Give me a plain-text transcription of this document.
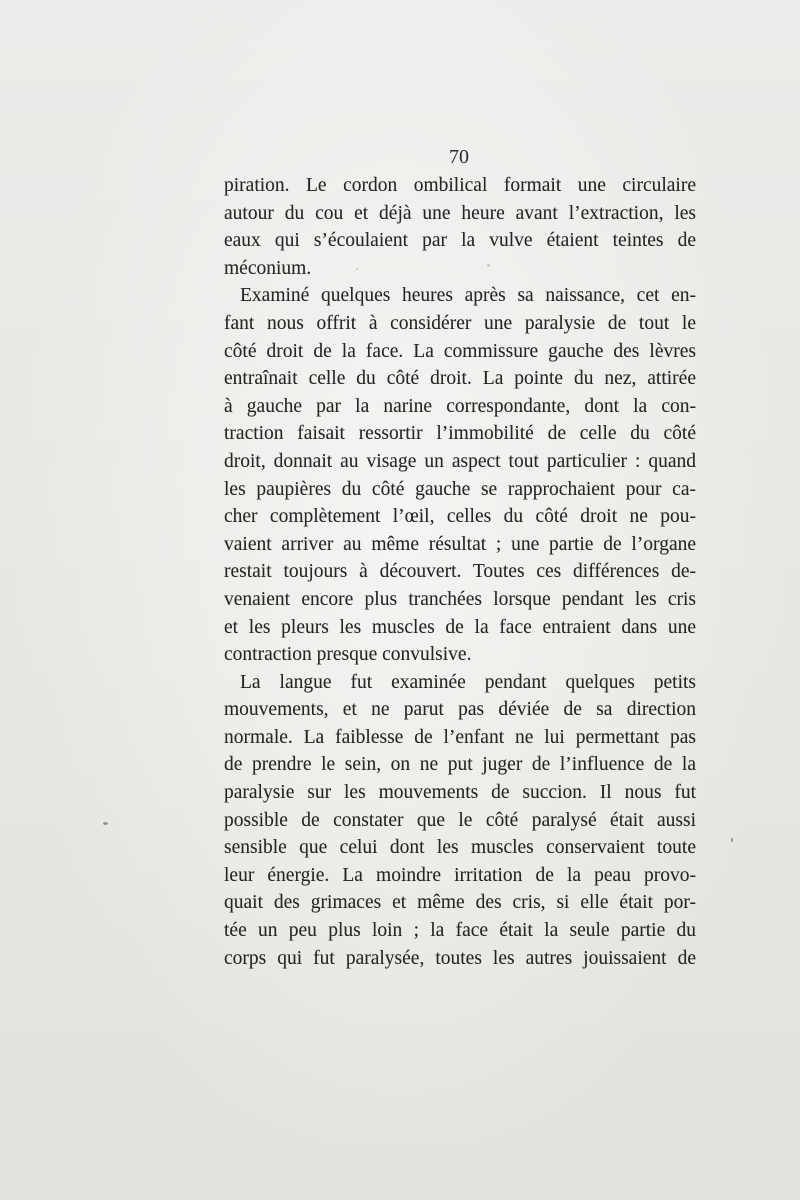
70
piration. Le cordon ombilical formait une circulaire
autour du cou et déjà une heure avant l’extraction, les
eaux qui s’écoulaient par la vulve étaient teintes de
méconium.
Examiné quelques heures après sa naissance, cet en-
fant nous offrit à considérer une paralysie de tout le
côté droit de la face. La commissure gauche des lèvres
entraînait celle du côté droit. La pointe du nez, attirée
à gauche par la narine correspondante, dont la con-
traction faisait ressortir l’immobilité de celle du côté
droit, donnait au visage un aspect tout particulier : quand
les paupières du côté gauche se rapprochaient pour ca-
cher complètement l’œil, celles du côté droit ne pou-
vaient arriver au même résultat ; une partie de l’organe
restait toujours à découvert. Toutes ces différences de-
venaient encore plus tranchées lorsque pendant les cris
et les pleurs les muscles de la face entraient dans une
contraction presque convulsive.
La langue fut examinée pendant quelques petits
mouvements, et ne parut pas déviée de sa direction
normale. La faiblesse de l’enfant ne lui permettant pas
de prendre le sein, on ne put juger de l’influence de la
paralysie sur les mouvements de succion. Il nous fut
possible de constater que le côté paralysé était aussi
sensible que celui dont les muscles conservaient toute
leur énergie. La moindre irritation de la peau provo-
quait des grimaces et même des cris, si elle était por-
tée un peu plus loin ; la face était la seule partie du
corps qui fut paralysée, toutes les autres jouissaient de
